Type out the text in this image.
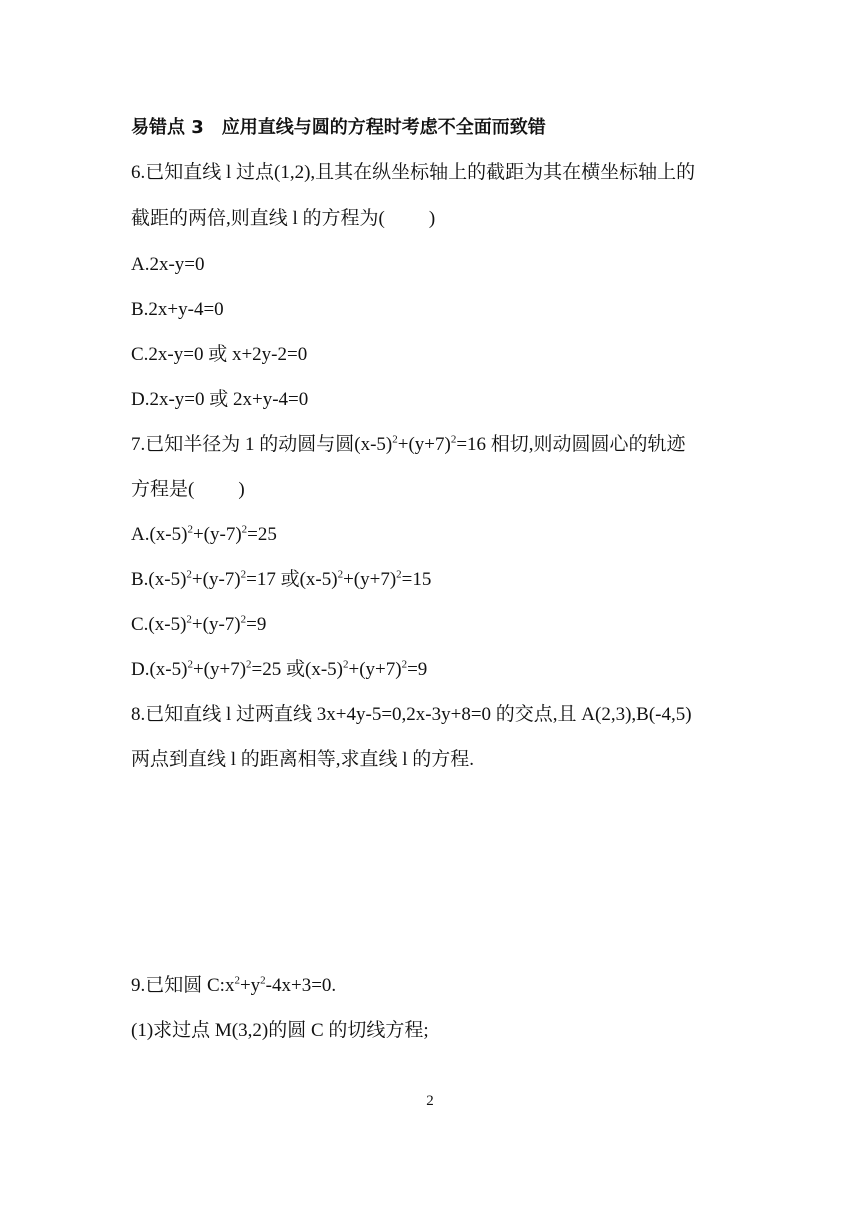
易错点 3 应用直线与圆的方程时考虑不全面而致错
6.已知直线 l 过点(1,2),且其在纵坐标轴上的截距为其在横坐标轴上的
截距的两倍,则直线 l 的方程为( )
A.2x-y=0
B.2x+y-4=0
C.2x-y=0 或 x+2y-2=0
D.2x-y=0 或 2x+y-4=0
7.已知半径为 1 的动圆与圆$(x-5)^2+(y+7)^2=16$ 相切,则动圆圆心的轨迹
方程是( )
$A.(x-5)^2+(y-7)^2=25$
$B.(x-5)^2+(y-7)^2=17$ 或$(x-5)^2+(y+7)^2=15$
$C.(x-5)^2+(y-7)^2=9$
$D.(x-5)^2+(y+7)^2=25$ 或$(x-5)^2+(y+7)^2=9$
8.已知直线 l 过两直线 3x+4y-5=0,2x-3y+8=0 的交点,且 A(2,3),B(-4,5)
两点到直线 l 的距离相等,求直线 l 的方程.
9.已知圆 $C:x^2+y^2-4x+3=0$.
(1)求过点 M(3,2)的圆 C 的切线方程;
2
